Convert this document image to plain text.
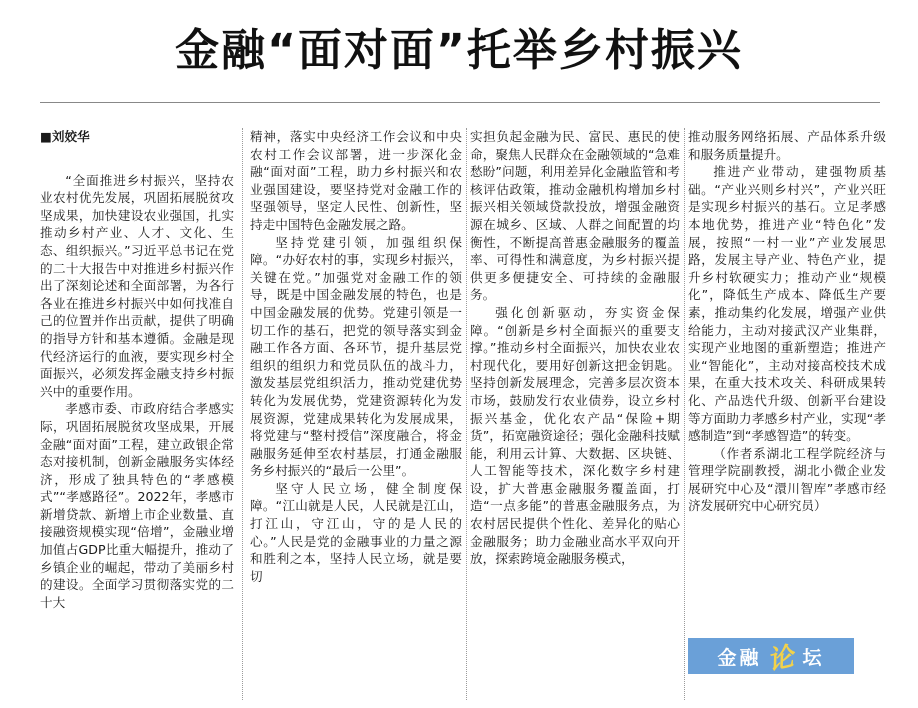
金融“面对面”托举乡村振兴

■刘姣华

“全面推进乡村振兴，坚持农业农村优先发展，巩固拓展脱贫攻坚成果，加快建设农业强国，扎实推动乡村产业、人才、文化、生态、组织振兴。”习近平总书记在党的二十大报告中对推进乡村振兴作出了深刻论述和全面部署，为各行各业在推进乡村振兴中如何找准自己的位置并作出贡献，提供了明确的指导方针和基本遵循。金融是现代经济运行的血液，要实现乡村全面振兴，必须发挥金融支持乡村振兴中的重要作用。

孝感市委、市政府结合孝感实际，巩固拓展脱贫攻坚成果，开展金融“面对面”工程，建立政银企常态对接机制，创新金融服务实体经济，形成了独具特色的“孝感模式”“孝感路径”。2022年，孝感市新增贷款、新增上市企业数量、直接融资规模实现“倍增”，金融业增加值占GDP比重大幅提升，推动了乡镇企业的崛起，带动了美丽乡村的建设。全面学习贯彻落实党的二十大

精神，落实中央经济工作会议和中央农村工作会议部署，进一步深化金融“面对面”工程，助力乡村振兴和农业强国建设，要坚持党对金融工作的坚强领导，坚定人民性、创新性，坚持走中国特色金融发展之路。

坚持党建引领，加强组织保障。“办好农村的事，实现乡村振兴，关键在党。”加强党对金融工作的领导，既是中国金融发展的特色，也是中国金融发展的优势。党建引领是一切工作的基石，把党的领导落实到金融工作各方面、各环节，提升基层党组织的组织力和党员队伍的战斗力，激发基层党组织活力，推动党建优势转化为发展优势，党建资源转化为发展资源，党建成果转化为发展成果，将党建与“整村授信”深度融合，将金融服务延伸至农村基层，打通金融服务乡村振兴的“最后一公里”。

坚守人民立场，健全制度保障。“江山就是人民，人民就是江山，打江山，守江山，守的是人民的心。”人民是党的金融事业的力量之源和胜利之本，坚持人民立场，就是要切

实担负起金融为民、富民、惠民的使命，聚焦人民群众在金融领域的“急难愁盼”问题，利用差异化金融监管和考核评估政策，推动金融机构增加乡村振兴相关领域贷款投放，增强金融资源在城乡、区域、人群之间配置的均衡性，不断提高普惠金融服务的覆盖率、可得性和满意度，为乡村振兴提供更多便捷安全、可持续的金融服务。

强化创新驱动，夯实资金保障。“创新是乡村全面振兴的重要支撑。”推动乡村全面振兴，加快农业农村现代化，要用好创新这把金钥匙。坚持创新发展理念，完善多层次资本市场，鼓励发行农业债券，设立乡村振兴基金，优化农产品“保险+期货”，拓宽融资途径；强化金融科技赋能，利用云计算、大数据、区块链、人工智能等技术，深化数字乡村建设，扩大普惠金融服务覆盖面，打造“一点多能”的普惠金融服务点，为农村居民提供个性化、差异化的贴心金融服务；助力金融业高水平双向开放，探索跨境金融服务模式，

推动服务网络拓展、产品体系升级和服务质量提升。

推进产业带动，建强物质基础。“产业兴则乡村兴”，产业兴旺是实现乡村振兴的基石。立足孝感本地优势，推进产业“特色化”发展，按照“一村一业”产业发展思路，发展主导产业、特色产业，提升乡村软硬实力；推动产业“规模化”，降低生产成本、降低生产要素，推动集约化发展，增强产业供给能力，主动对接武汉产业集群，实现产业地图的重新塑造；推进产业“智能化”，主动对接高校技术成果，在重大技术攻关、科研成果转化、产品迭代升级、创新平台建设等方面助力孝感乡村产业，实现“孝感制造”到“孝感智造”的转变。

（作者系湖北工程学院经济与管理学院副教授，湖北小微企业发展研究中心及“澴川智库”孝感市经济发展研究中心研究员）

金融 论 坛
